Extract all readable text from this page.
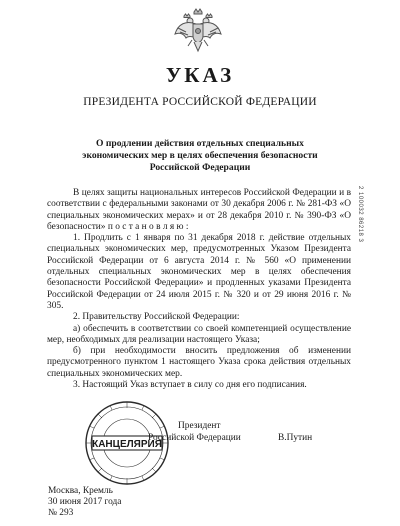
УКАЗ
ПРЕЗИДЕНТА РОССИЙСКОЙ ФЕДЕРАЦИИ
О продлении действия отдельных специальных экономических мер в целях обеспечения безопасности Российской Федерации

В целях защиты национальных интересов Российской Федерации и в соответствии с федеральными законами от 30 декабря 2006 г. № 281-ФЗ «О специальных экономических мерах» и от 28 декабря 2010 г. № 390-ФЗ «О безопасности» п о с т а н о в л я ю :

1. Продлить с 1 января по 31 декабря 2018 г. действие отдельных специальных экономических мер, предусмотренных Указом Президента Российской Федерации от 6 августа 2014 г. № 560 «О применении отдельных специальных экономических мер в целях обеспечения безопасности Российской Федерации» и продленных указами Президента Российской Федерации от 24 июля 2015 г. № 320 и от 29 июня 2016 г. № 305.

2. Правительству Российской Федерации:

а) обеспечить в соответствии со своей компетенцией осуществление мер, необходимых для реализации настоящего Указа;

б) при необходимости вносить предложения об изменении предусмотренного пунктом 1 настоящего Указа срока действия отдельных специальных экономических мер.

3. Настоящий Указ вступает в силу со дня его подписания.

2 100032 86218 3
КАНЦЕЛЯРИЯ
Президент
Российской Федерации	В.Путин
Москва, Кремль
30 июня 2017 года
№ 293
